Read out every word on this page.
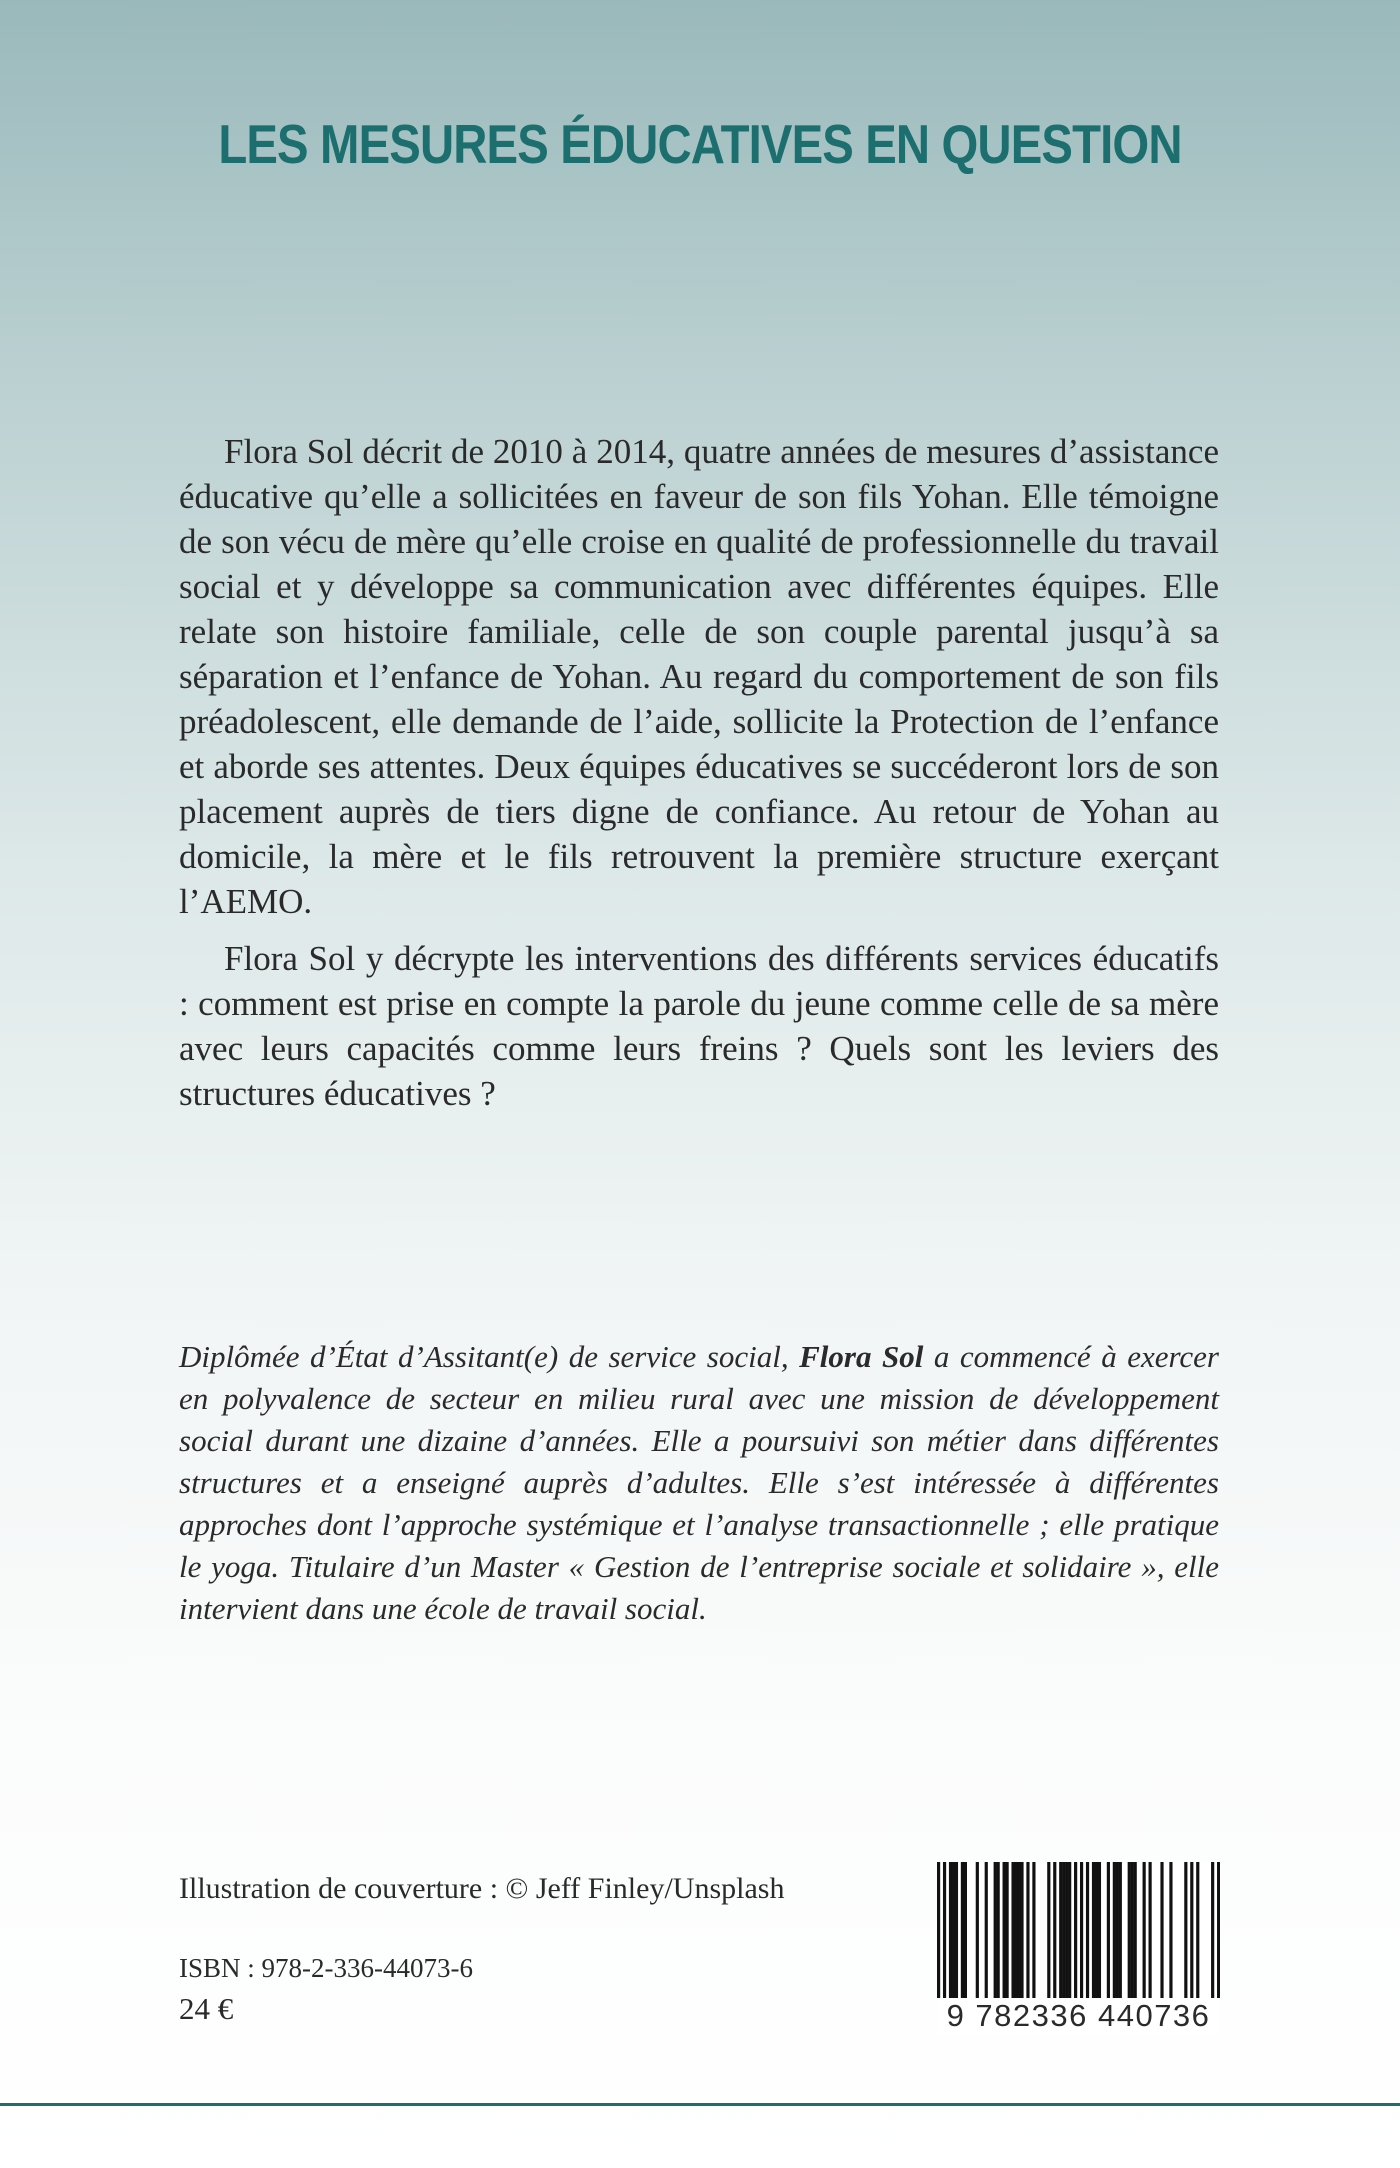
LES MESURES ÉDUCATIVES EN QUESTION

Flora Sol décrit de 2010 à 2014, quatre années de mesures d’assistance éducative qu’elle a sollicitées en faveur de son fils Yohan. Elle témoigne de son vécu de mère qu’elle croise en qualité de professionnelle du travail social et y développe sa communication avec différentes équipes. Elle relate son histoire familiale, celle de son couple parental jusqu’à sa séparation et l’enfance de Yohan. Au regard du comportement de son fils préadolescent, elle demande de l’aide, sollicite la Protection de l’enfance et aborde ses attentes. Deux équipes éducatives se succéderont lors de son placement auprès de tiers digne de confiance. Au retour de Yohan au domicile, la mère et le fils retrouvent la première structure exerçant l’AEMO.

Flora Sol y décrypte les interventions des différents services éducatifs : comment est prise en compte la parole du jeune comme celle de sa mère avec leurs capacités comme leurs freins ? Quels sont les leviers des structures éducatives ?

Diplômée d’État d’Assitant(e) de service social, Flora Sol a commencé à exercer en polyvalence de secteur en milieu rural avec une mission de développement social durant une dizaine d’années. Elle a poursuivi son métier dans différentes structures et a enseigné auprès d’adultes. Elle s’est intéressée à différentes approches dont l’approche systémique et l’analyse transactionnelle ; elle pratique le yoga. Titulaire d’un Master « Gestion de l’entreprise sociale et solidaire », elle intervient dans une école de travail social.
Illustration de couverture : © Jeff Finley/Unsplash
ISBN : 978-2-336-44073-6
24 €	9 782336 440736
